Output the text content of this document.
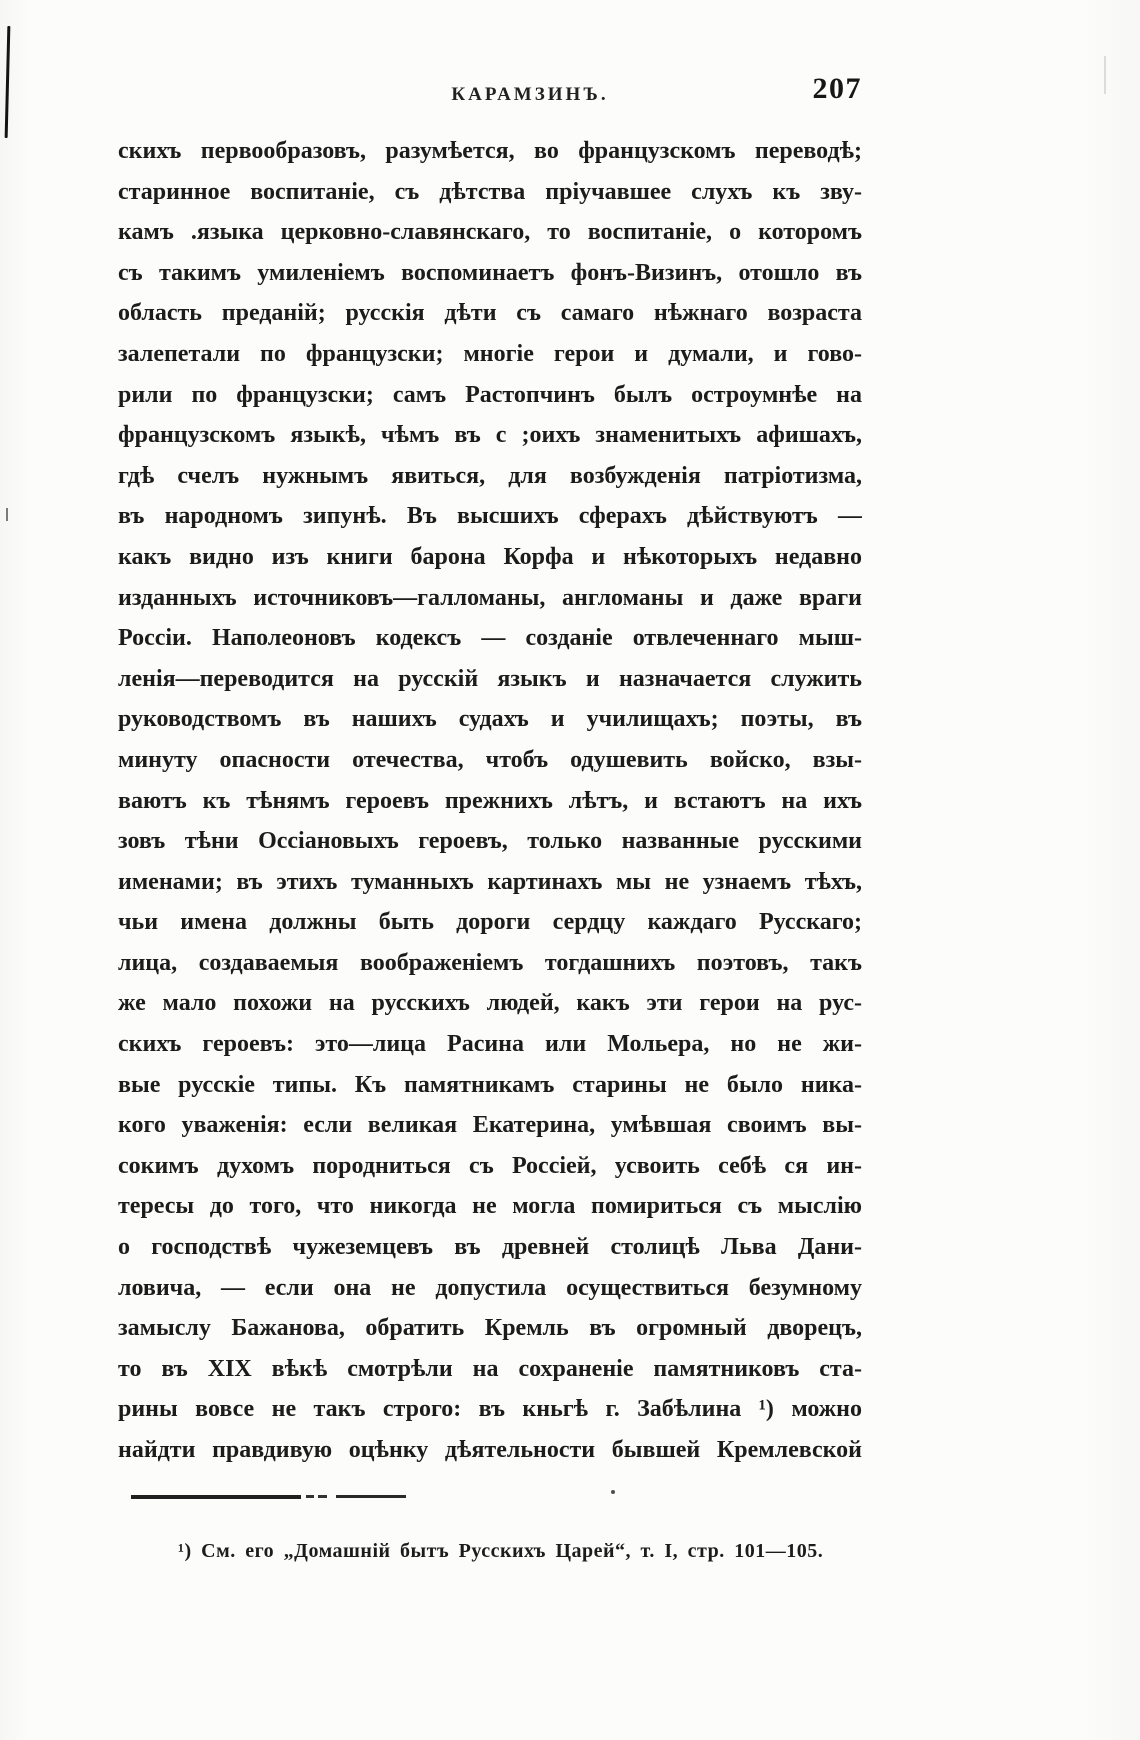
КАРАМЗИНЪ.	207
скихъ первообразовъ, разумѣется, во французскомъ переводѣ;
старинное воспитаніе, съ дѣтства пріучавшее слухъ къ зву-
камъ .языка церковно-славянскаго, то воспитаніе, о которомъ
съ такимъ умиленіемъ воспоминаетъ фонъ-Визинъ, отошло въ
область преданій; русскія дѣти съ самаго нѣжнаго возраста
залепетали по французски; многіе герои и думали, и гово-
рили по французски; самъ Растопчинъ былъ остроумнѣе на
французскомъ языкѣ, чѣмъ въ с ;оихъ знаменитыхъ афишахъ,
гдѣ счелъ нужнымъ явиться, для возбужденія патріотизма,
въ народномъ зипунѣ. Въ высшихъ сферахъ дѣйствуютъ —
какъ видно изъ книги барона Корфа и нѣкоторыхъ недавно
изданныхъ источниковъ—галломаны, англоманы и даже враги
Россіи. Наполеоновъ кодексъ — созданіе отвлеченнаго мыш-
ленія—переводится на русскій языкъ и назначается служить
руководствомъ въ нашихъ судахъ и училищахъ; поэты, въ
минуту опасности отечества, чтобъ одушевить войско, взы-
ваютъ къ тѣнямъ героевъ прежнихъ лѣтъ, и встаютъ на ихъ
зовъ тѣни Оссіановыхъ героевъ, только названные русскими
именами; въ этихъ туманныхъ картинахъ мы не узнаемъ тѣхъ,
чьи имена должны быть дороги сердцу каждаго Русскаго;
лица, создаваемыя воображеніемъ тогдашнихъ поэтовъ, такъ
же мало похожи на русскихъ людей, какъ эти герои на рус-
скихъ героевъ: это—лица Расина или Мольера, но не жи-
вые русскіе типы. Къ памятникамъ старины не было ника-
кого уваженія: если великая Екатерина, умѣвшая своимъ вы-
сокимъ духомъ породниться съ Россіей, усвоить себѣ ся ин-
тересы до того, что никогда не могла помириться съ мыслію
о господствѣ чужеземцевъ въ древней столицѣ Льва Дани-
ловича, — если она не допустила осуществиться безумному
замыслу Бажанова, обратить Кремль въ огромный дворецъ,
то въ XIX вѣкѣ смотрѣли на сохраненіе памятниковъ ста-
рины вовсе не такъ строго: въ кньгѣ г. Забѣлина ¹) можно
найдти правдивую оцѣнку дѣятельности бывшей Кремлевской
¹) См. его „Домашній бытъ Русскихъ Царей“, т. I, стр. 101—105.
